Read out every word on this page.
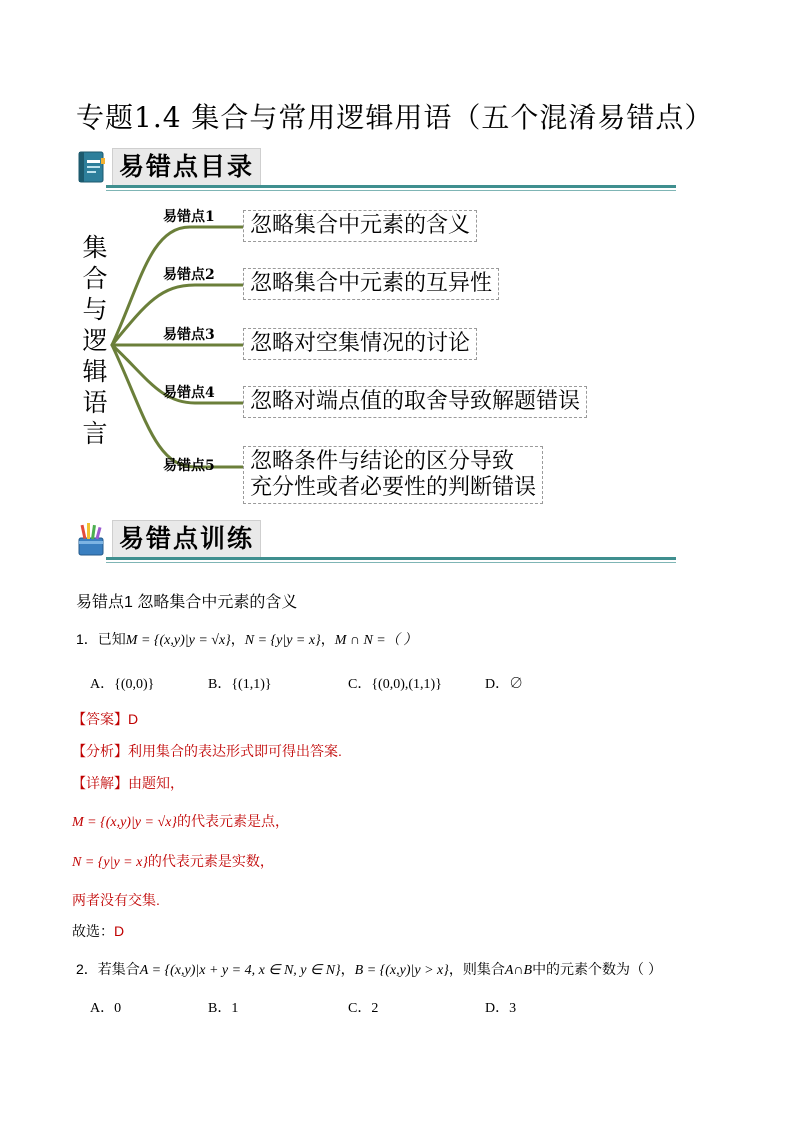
专题1.4 集合与常用逻辑用语（五个混淆易错点）
易错点目录
集
合
与
逻
辑
语
言
易错点1	忽略集合中元素的含义
易错点2	忽略集合中元素的互异性
易错点3	忽略对空集情况的讨论
易错点4	忽略对端点值的取舍导致解题错误
易错点5 忽略条件与结论的区分导致
充分性或者必要性的判断错误
易错点训练
易错点1 忽略集合中元素的含义
1．已知M = {(x,y)|y = √x}，N = {y|y = x}，M ∩ N =（ ）
A．{(0,0)}	B．{(1,1)}	C．{(0,0),(1,1)}	D．∅
【答案】D
【分析】利用集合的表达形式即可得出答案.
【详解】由题知，
M = {(x,y)|y = √x}的代表元素是点，
N = {y|y = x}的代表元素是实数，
两者没有交集.
故选：D
2．若集合A = {(x,y)|x + y = 4, x ∈ N, y ∈ N}，B = {(x,y)|y > x}，则集合A∩B中的元素个数为（ ）
A．0	B．1	C．2	D．3
